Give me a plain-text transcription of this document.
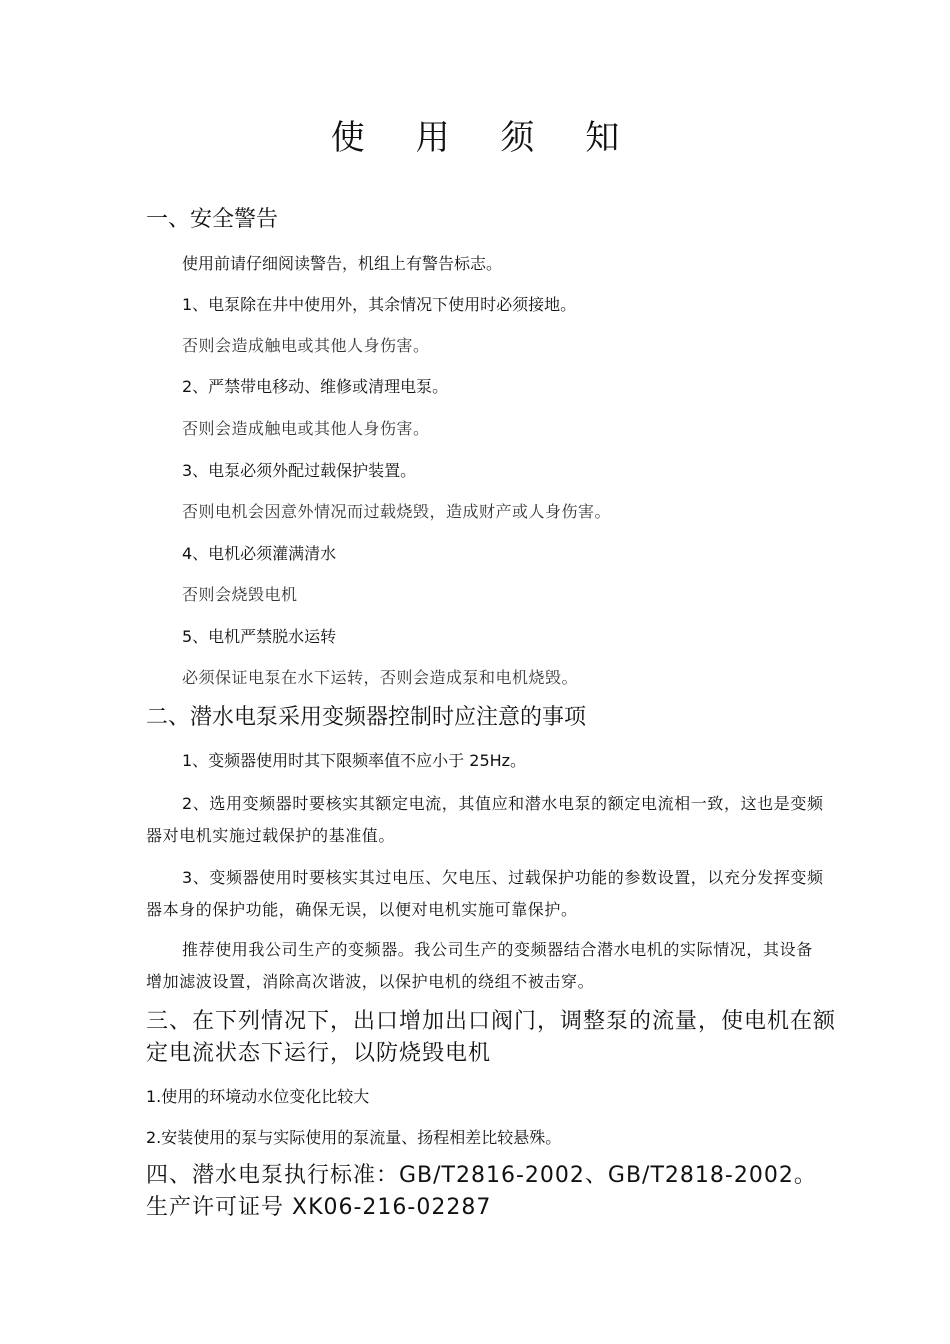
使 用 须 知
一、安全警告
使用前请仔细阅读警告，机组上有警告标志。
1、电泵除在井中使用外，其余情况下使用时必须接地。
否则会造成触电或其他人身伤害。
2、严禁带电移动、维修或清理电泵。
否则会造成触电或其他人身伤害。
3、电泵必须外配过载保护装置。
否则电机会因意外情况而过载烧毁，造成财产或人身伤害。
4、电机必须灌满清水
否则会烧毁电机
5、电机严禁脱水运转
必须保证电泵在水下运转，否则会造成泵和电机烧毁。
二、潜水电泵采用变频器控制时应注意的事项
1、变频器使用时其下限频率值不应小于 25Hz。
2、选用变频器时要核实其额定电流，其值应和潜水电泵的额定电流相一致，这也是变频器对电机实施过载保护的基准值。
3、变频器使用时要核实其过电压、欠电压、过载保护功能的参数设置，以充分发挥变频器本身的保护功能，确保无误，以便对电机实施可靠保护。
推荐使用我公司生产的变频器。我公司生产的变频器结合潜水电机的实际情况，其设备增加滤波设置，消除高次谐波，以保护电机的绕组不被击穿。
三、在下列情况下，出口增加出口阀门，调整泵的流量，使电机在额定电流状态下运行，以防烧毁电机
1.使用的环境动水位变化比较大
2.安装使用的泵与实际使用的泵流量、扬程相差比较悬殊。
四、潜水电泵执行标准：GB/T2816-2002、GB/T2818-2002。生产许可证号 XK06-216-02287
